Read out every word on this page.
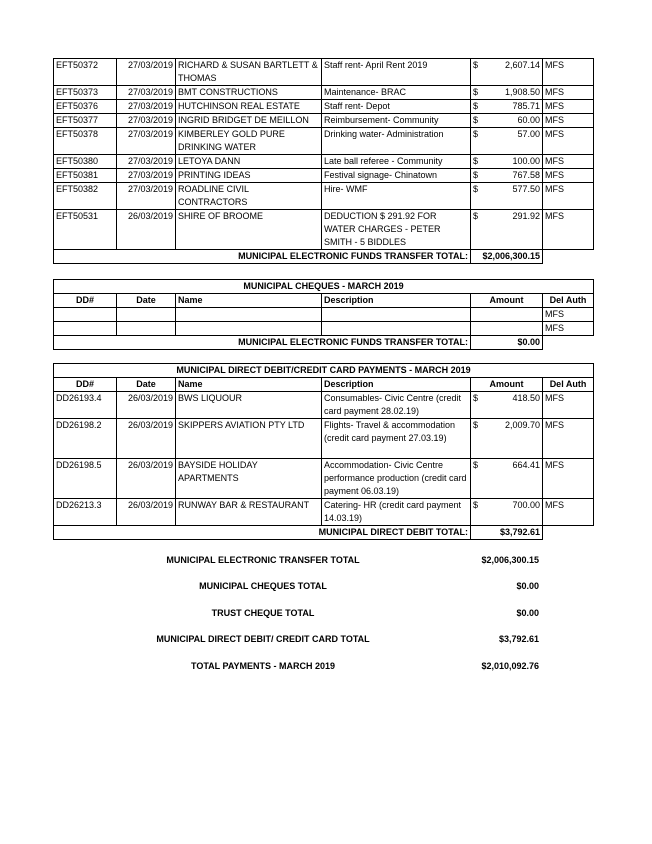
EFT50372	27/03/2019	RICHARD & SUSAN BARTLETT & THOMAS	Staff rent- April Rent 2019	$ 2,607.14	MFS
EFT50373	27/03/2019	BMT CONSTRUCTIONS	Maintenance- BRAC	$ 1,908.50	MFS
EFT50376	27/03/2019	HUTCHINSON REAL ESTATE	Staff rent- Depot	$ 785.71	MFS
EFT50377	27/03/2019	INGRID BRIDGET DE MEILLON	Reimbursement- Community	$ 60.00	MFS
EFT50378	27/03/2019	KIMBERLEY GOLD PURE DRINKING WATER	Drinking water- Administration	$ 57.00	MFS
EFT50380	27/03/2019	LETOYA DANN	Late ball referee - Community	$ 100.00	MFS
EFT50381	27/03/2019	PRINTING IDEAS	Festival signage- Chinatown	$ 767.58	MFS
EFT50382	27/03/2019	ROADLINE CIVIL CONTRACTORS	Hire- WMF	$ 577.50	MFS
EFT50531	26/03/2019	SHIRE OF BROOME	DEDUCTION $ 291.92 FOR WATER CHARGES - PETER SMITH - 5 BIDDLES	$ 291.92	MFS
MUNICIPAL ELECTRONIC FUNDS TRANSFER TOTAL:				$2,006,300.15	
MUNICIPAL CHEQUES - MARCH 2019					
DD#	Date	Name	Description	Amount	Del Auth
					MFS
					MFS
MUNICIPAL ELECTRONIC FUNDS TRANSFER TOTAL:				$0.00	
MUNICIPAL DIRECT DEBIT/CREDIT CARD PAYMENTS - MARCH 2019					
DD#	Date	Name	Description	Amount	Del Auth
DD26193.4	26/03/2019	BWS LIQUOUR	Consumables- Civic Centre (credit card payment 28.02.19)	$ 418.50	MFS
DD26198.2	26/03/2019	SKIPPERS AVIATION PTY LTD	Flights- Travel & accommodation (credit card payment 27.03.19)	$ 2,009.70	MFS
DD26198.5	26/03/2019	BAYSIDE HOLIDAY APARTMENTS	Accommodation- Civic Centre performance production (credit card payment 06.03.19)	$ 664.41	MFS
DD26213.3	26/03/2019	RUNWAY BAR & RESTAURANT	Catering- HR (credit card payment 14.03.19)	$ 700.00	MFS
MUNICIPAL DIRECT DEBIT TOTAL:				$3,792.61	
MUNICIPAL ELECTRONIC TRANSFER TOTAL	$2,006,300.15
MUNICIPAL CHEQUES TOTAL	$0.00
TRUST CHEQUE TOTAL	$0.00
MUNICIPAL DIRECT DEBIT/ CREDIT CARD TOTAL	$3,792.61
TOTAL PAYMENTS - MARCH 2019	$2,010,092.76
